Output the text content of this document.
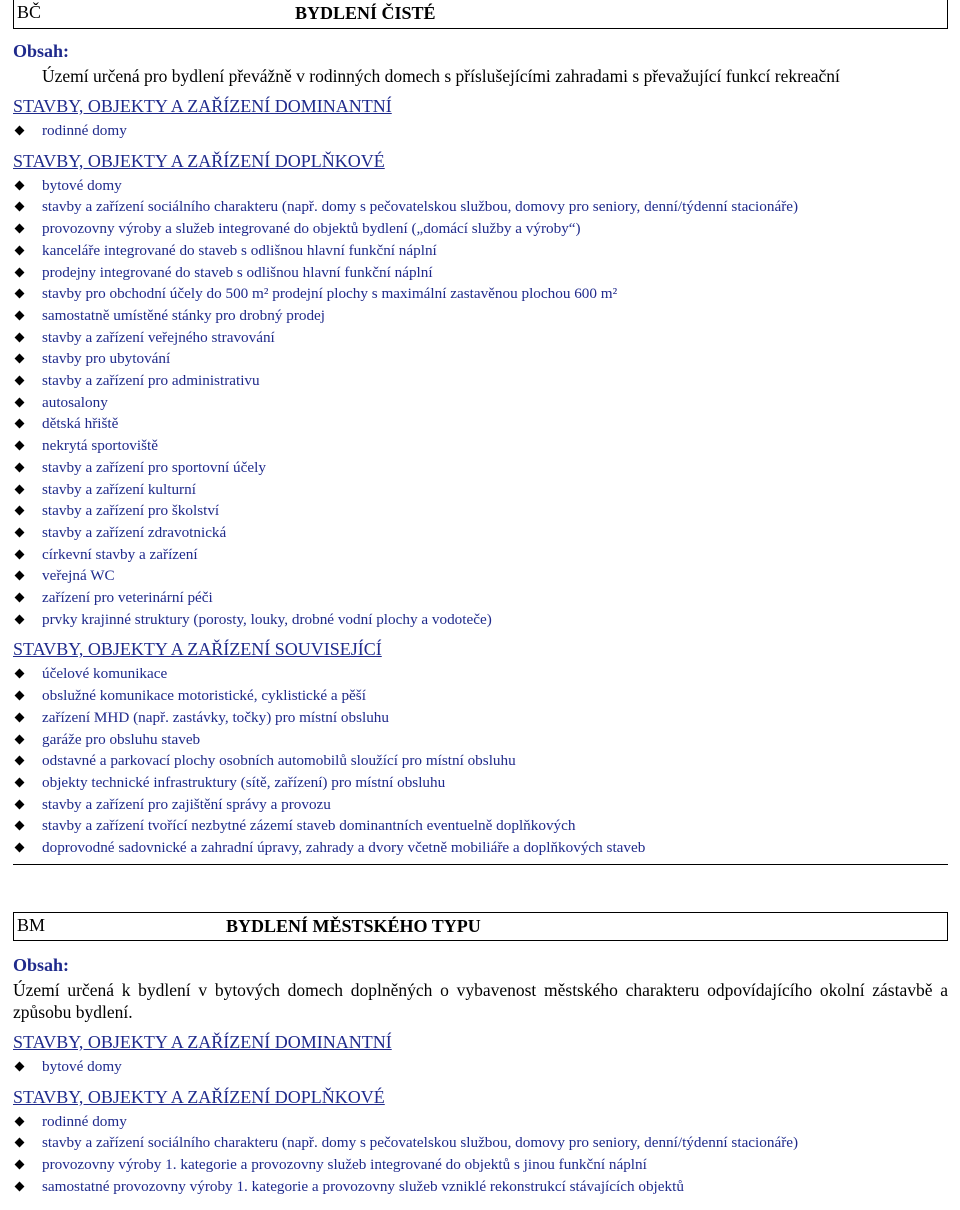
BČ	BYDLENÍ ČISTÉ
Obsah:
Území určená pro bydlení převážně v rodinných domech s příslušejícími zahradami s převažující funkcí rekreační
STAVBY, OBJEKTY A ZAŘÍZENÍ DOMINANTNÍ
rodinné domy
STAVBY, OBJEKTY A ZAŘÍZENÍ DOPLŇKOVÉ
bytové domy
stavby a zařízení sociálního charakteru (např. domy s pečovatelskou službou, domovy pro seniory, denní/týdenní stacionáře)
provozovny výroby a služeb integrované do objektů bydlení („domácí služby a výroby“)
kanceláře integrované do staveb s odlišnou hlavní funkční náplní
prodejny integrované do staveb s odlišnou hlavní funkční náplní
stavby pro obchodní účely do 500 m² prodejní plochy s maximální zastavěnou plochou 600 m²
samostatně umístěné stánky pro drobný prodej
stavby a zařízení veřejného stravování
stavby pro ubytování
stavby a zařízení pro administrativu
autosalony
dětská hřiště
nekrytá sportoviště
stavby a zařízení pro sportovní účely
stavby a zařízení kulturní
stavby a zařízení pro školství
stavby a zařízení zdravotnická
církevní stavby a zařízení
veřejná WC
zařízení pro veterinární péči
prvky krajinné struktury (porosty, louky, drobné vodní plochy a vodoteče)
STAVBY, OBJEKTY A ZAŘÍZENÍ SOUVISEJÍCÍ
účelové komunikace
obslužné komunikace motoristické, cyklistické a pěší
zařízení MHD (např. zastávky, točky) pro místní obsluhu
garáže pro obsluhu staveb
odstavné a parkovací plochy osobních automobilů sloužící pro místní obsluhu
objekty technické infrastruktury (sítě, zařízení) pro místní obsluhu
stavby a zařízení pro zajištění správy a provozu
stavby a zařízení tvořící nezbytné zázemí staveb dominantních eventuelně doplňkových
doprovodné sadovnické a zahradní úpravy, zahrady a dvory včetně mobiliáře a doplňkových staveb
BM	BYDLENÍ MĚSTSKÉHO TYPU
Obsah:
Území určená k bydlení v bytových domech doplněných o vybavenost městského charakteru odpovídajícího okolní zástavbě a způsobu bydlení.
STAVBY, OBJEKTY A ZAŘÍZENÍ DOMINANTNÍ
bytové domy
STAVBY, OBJEKTY A ZAŘÍZENÍ DOPLŇKOVÉ
rodinné domy
stavby a zařízení sociálního charakteru (např. domy s pečovatelskou službou, domovy pro seniory, denní/týdenní stacionáře)
provozovny výroby 1. kategorie a provozovny služeb integrované do objektů s jinou funkční náplní
samostatné provozovny výroby 1. kategorie a provozovny služeb vzniklé rekonstrukcí stávajících objektů
